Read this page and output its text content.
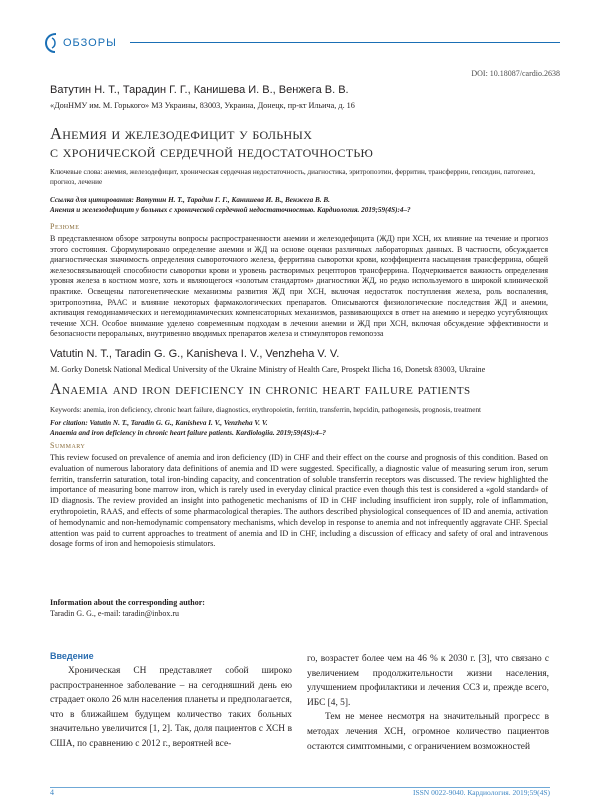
ОБЗОРЫ
DOI: 10.18087/cardio.2638
Ватутин Н. Т., Тарадин Г. Г., Канишева И. В., Венжега В. В.
«ДонНМУ им. М. Горького» МЗ Украины, 83003, Украина, Донецк, пр-кт Ильича, д. 16
Анемия и железодефицит у больных
с хронической сердечной недостаточностью
Ключевые слова: анемия, железодефицит, хроническая сердечная недостаточность, диагностика, эритропоэтин, ферритин, трансферрин, гепсидин, патогенез, прогноз, лечение
Ссылка для цитирования: Ватутин Н. Т., Тарадин Г. Г., Канишева И. В., Венжега В. В.
Анемия и железодефицит у больных с хронической сердечной недостаточностью. Кардиология. 2019;59(4S):4–?
Резюме
В представленном обзоре затронуты вопросы распространенности анемии и железодефицита (ЖД) при ХСН, их влияние на течение и прогноз этого состояния. Сформулировано определение анемии и ЖД на основе оценки различных лабораторных данных. В частности, обсуждается диагностическая значимость определения сывороточного железа, ферритина сыворотки крови, коэффициента насыщения трансферрина, общей железосвязывающей способности сыворотки крови и уровень растворимых рецепторов трансферрина. Подчеркивается важность определения уровня железа в костном мозге, хоть и являющегося «золотым стандартом» диагностики ЖД, но редко используемого в широкой клинической практике. Освещены патогенетические механизмы развития ЖД при ХСН, включая недостаток поступления железа, роль воспаления, эритропоэтина, РААС и влияние некоторых фармакологических препаратов. Описываются физиологические последствия ЖД и анемии, активация гемодинамических и негемодинамических компенсаторных механизмов, развивающихся в ответ на анемию и нередко усугубляющих течение ХСН. Особое внимание уделено современным подходам в лечении анемии и ЖД при ХСН, включая обсуждение эффективности и безопасности пероральных, внутривенно вводимых препаратов железа и стимуляторов гемопоэза
Vatutin N. T., Taradin G. G., Kanisheva I. V., Venzheha V. V.
M. Gorky Donetsk National Medical University of the Ukraine Ministry of Health Care, Prospekt Ilicha 16, Donetsk 83003, Ukraine
Anaemia and iron deficiency in chronic heart failure patients
Keywords: anemia, iron deficiency, chronic heart failure, diagnostics, erythropoietin, ferritin, transferrin, hepcidin, pathogenesis, prognosis, treatment
For citation: Vatutin N. T., Taradin G. G., Kanisheva I. V., Venzheha V. V.
Anaemia and iron deficiency in chronic heart failure patients. Kardiologiia. 2019;59(4S):4–?
Summary
This review focused on prevalence of anemia and iron deficiency (ID) in CHF and their effect on the course and prognosis of this condition. Based on evaluation of numerous laboratory data definitions of anemia and ID were suggested. Specifically, a diagnostic value of measuring serum iron, serum ferritin, transferrin saturation, total iron-binding capacity, and concentration of soluble transferrin receptors was discussed. The review highlighted the importance of measuring bone marrow iron, which is rarely used in everyday clinical practice even though this test is considered a «gold standard» of ID diagnosis. The review provided an insight into pathogenetic mechanisms of ID in CHF including insufficient iron supply, role of inflammation, erythropoietin, RAAS, and effects of some pharmacological therapies. The authors described physiological consequences of ID and anemia, activation of hemodynamic and non-hemodynamic compensatory mechanisms, which develop in response to anemia and not infrequently aggravate CHF. Special attention was paid to current approaches to treatment of anemia and ID in CHF, including a discussion of efficacy and safety of oral and intravenous dosage forms of iron and hemopoiesis stimulators.
Information about the corresponding author:
Taradin G. G., e-mail: taradin@inbox.ru
Введение
Хроническая СН представляет собой широко распространенное заболевание – на сегодняшний день ею страдает около 26 млн населения планеты и предполагается, что в ближайшем будущем количество таких больных значительно увеличится [1, 2]. Так, доля пациентов с ХСН в США, по сравнению с 2012 г., вероятней все-

го, возрастет более чем на 46 % к 2030 г. [3], что связано с увеличением продолжительности жизни населения, улучшением профилактики и лечения ССЗ и, прежде всего, ИБС [4, 5].

Тем не менее несмотря на значительный прогресс в методах лечения ХСН, огромное количество пациентов остаются симптомными, с ограничением возможностей

4	ISSN 0022-9040. Кардиология. 2019;59(4S)
